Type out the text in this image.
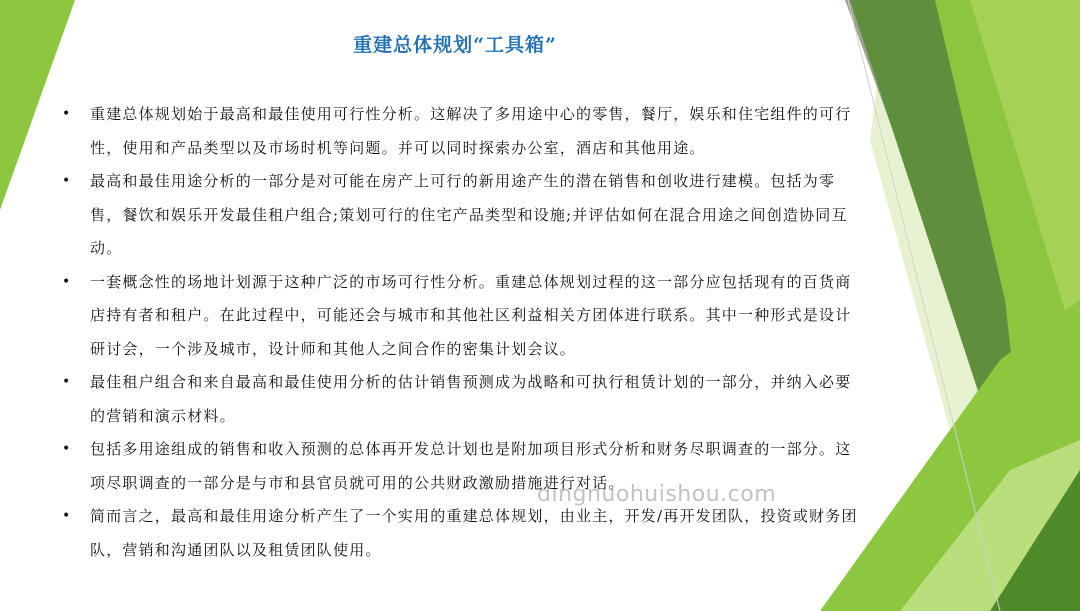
重建总体规划“工具箱”
• 重建总体规划始于最高和最佳使用可行性分析。这解决了多用途中心的零售，餐厅，娱乐和住宅组件的可行性，使用和产品类型以及市场时机等问题。并可以同时探索办公室，酒店和其他用途。
• 最高和最佳用途分析的一部分是对可能在房产上可行的新用途产生的潜在销售和创收进行建模。包括为零售，餐饮和娱乐开发最佳租户组合;策划可行的住宅产品类型和设施;并评估如何在混合用途之间创造协同互动。
• 一套概念性的场地计划源于这种广泛的市场可行性分析。重建总体规划过程的这一部分应包括现有的百货商店持有者和租户。在此过程中，可能还会与城市和其他社区利益相关方团体进行联系。其中一种形式是设计研讨会，一个涉及城市，设计师和其他人之间合作的密集计划会议。
• 最佳租户组合和来自最高和最佳使用分析的估计销售预测成为战略和可执行租赁计划的一部分，并纳入必要的营销和演示材料。
• 包括多用途组成的销售和收入预测的总体再开发总计划也是附加项目形式分析和财务尽职调查的一部分。这项尽职调查的一部分是与市和县官员就可用的公共财政激励措施进行对话。
• 简而言之，最高和最佳用途分析产生了一个实用的重建总体规划，由业主，开发/再开发团队，投资或财务团队，营销和沟通团队以及租赁团队使用。
dingnuohuishou.com
